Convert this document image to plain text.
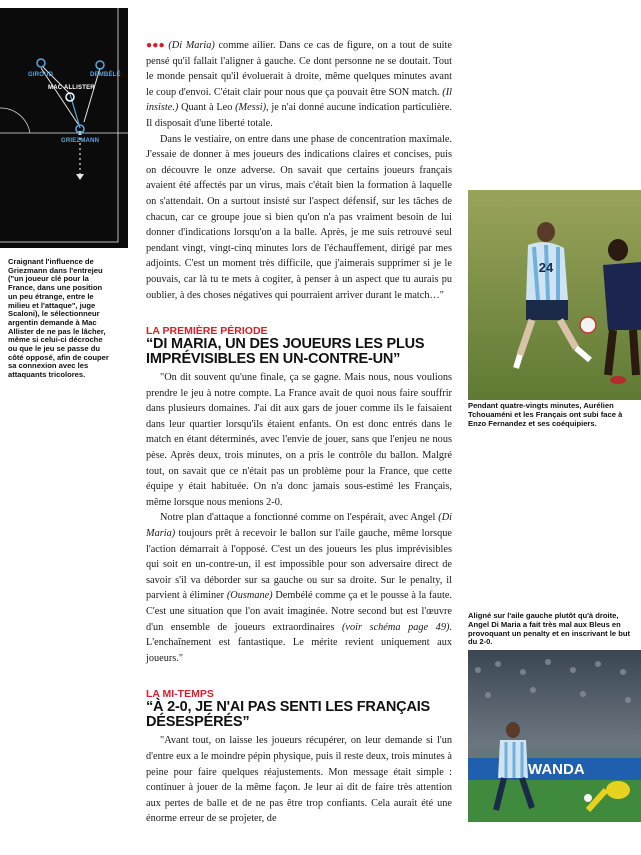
GIROUD	DEMBÉLÉ
MAC ALLISTER
GRIEZMANN
Craignant l'influence de Griezmann dans l'entrejeu ("un joueur clé pour la France, dans une position un peu étrange, entre le milieu et l'attaque", juge Scaloni), le sélectionneur argentin demande à Mac Allister de ne pas le lâcher, même si celui-ci décroche ou que le jeu se passe du côté opposé, afin de couper sa connexion avec les attaquants tricolores.

●●● (Di Maria) comme ailier. Dans ce cas de figure, on a tout de suite pensé qu'il fallait l'aligner à gauche. Ce dont personne ne se doutait. Tout le monde pensait qu'il évoluerait à droite, même quelques minutes avant le coup d'envoi. C'était clair pour nous que ça pouvait être SON match. (Il insiste.) Quant à Leo (Messi), je n'ai donné aucune indication particulière. Il disposait d'une liberté totale.

Dans le vestiaire, on entre dans une phase de concentration maximale. J'essaie de donner à mes joueurs des indications claires et concises, puis on découvre le onze adverse. On savait que certains joueurs français avaient été affectés par un virus, mais c'était bien la formation à laquelle on s'attendait. On a surtout insisté sur l'aspect défensif, sur les tâches de chacun, car ce groupe joue si bien qu'on n'a pas vraiment besoin de lui donner d'indications lorsqu'on a la balle. Après, je me suis retrouvé seul pendant vingt, vingt-cinq minutes lors de l'échauffement, dirigé par mes adjoints. C'est un moment très difficile, que j'aimerais supprimer si je le pouvais, car là tu te mets à cogiter, à penser à un aspect que tu aurais pu oublier, à des choses négatives qui pourraient arriver durant le match…"

LA PREMIÈRE PÉRIODE
“DI MARIA, UN DES JOUEURS LES PLUS IMPRÉVISIBLES EN UN-CONTRE-UN”

"On dit souvent qu'une finale, ça se gagne. Mais nous, nous voulions prendre le jeu à notre compte. La France avait de quoi nous faire souffrir dans plusieurs domaines. J'ai dit aux gars de jouer comme ils le faisaient dans leur quartier lorsqu'ils étaient enfants. On est donc entrés dans le match en étant déterminés, avec l'envie de jouer, sans que l'enjeu ne nous pèse. Après deux, trois minutes, on a pris le contrôle du ballon. Malgré tout, on savait que ce n'était pas un problème pour la France, que cette équipe y était habituée. On n'a donc jamais sous-estimé les Français, même lorsque nous menions 2-0.

Notre plan d'attaque a fonctionné comme on l'espérait, avec Angel (Di Maria) toujours prêt à recevoir le ballon sur l'aile gauche, même lorsque l'action démarrait à l'opposé. C'est un des joueurs les plus imprévisibles qui soit en un-contre-un, il est impossible pour son adversaire direct de savoir s'il va déborder sur sa gauche ou sur sa droite. Sur le penalty, il parvient à éliminer (Ousmane) Dembélé comme ça et le pousse à la faute. C'est une situation que l'on avait imaginée. Notre second but est l'œuvre d'un ensemble de joueurs extraordinaires (voir schéma page 49). L'enchaînement est fantastique. Le mérite revient uniquement aux joueurs."

LA MI-TEMPS
“À 2-0, JE N'AI PAS SENTI LES FRANÇAIS DÉSESPÉRÉS”

"Avant tout, on laisse les joueurs récupérer, on leur demande si l'un d'entre eux a le moindre pépin physique, puis il reste deux, trois minutes à peine pour faire quelques réajustements. Mon message était simple : continuer à jouer de la même façon. Je leur ai dit de faire très attention aux pertes de balle et de ne pas être trop confiants. Cela aurait été une énorme erreur de se projeter, de

24
Pendant quatre-vingts minutes, Aurélien Tchouaméni et les Français ont subi face à Enzo Fernandez et ses coéquipiers.
Aligné sur l'aile gauche plutôt qu'à droite, Angel Di Maria a fait très mal aux Bleus en provoquant un penalty et en inscrivant le but du 2-0.
WANDA
